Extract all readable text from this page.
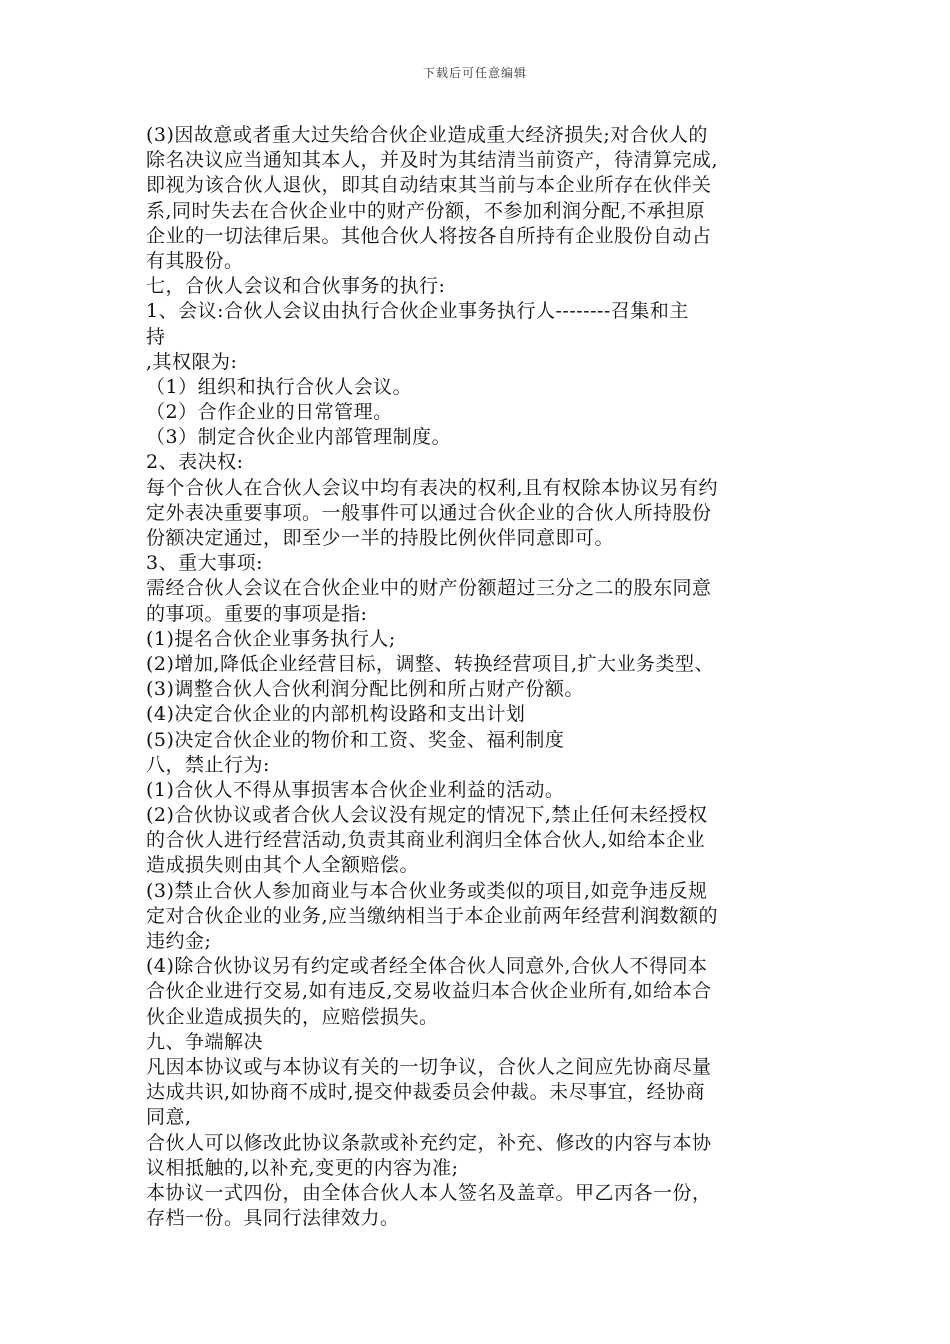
下载后可任意编辑
(3)因故意或者重大过失给合伙企业造成重大经济损失;对合伙人的
除名决议应当通知其本人，并及时为其结清当前资产，待清算完成,
即视为该合伙人退伙，即其自动结束其当前与本企业所存在伙伴关
系,同时失去在合伙企业中的财产份额，不参加利润分配,不承担原
企业的一切法律后果。其他合伙人将按各自所持有企业股份自动占
有其股份。
七，合伙人会议和合伙事务的执行:
1、会议:合伙人会议由执行合伙企业事务执行人--------召集和主
持
,其权限为:
（1）组织和执行合伙人会议。
（2）合作企业的日常管理。
（3）制定合伙企业内部管理制度。
2、表决权:
每个合伙人在合伙人会议中均有表决的权利,且有权除本协议另有约
定外表决重要事项。一般事件可以通过合伙企业的合伙人所持股份
份额决定通过，即至少一半的持股比例伙伴同意即可。
3、重大事项:
需经合伙人会议在合伙企业中的财产份额超过三分之二的股东同意
的事项。重要的事项是指:
(1)提名合伙企业事务执行人;
(2)增加,降低企业经营目标，调整、转换经营项目,扩大业务类型、
(3)调整合伙人合伙利润分配比例和所占财产份额。
(4)决定合伙企业的内部机构设路和支出计划
(5)决定合伙企业的物价和工资、奖金、福利制度
八，禁止行为:
(1)合伙人不得从事损害本合伙企业利益的活动。
(2)合伙协议或者合伙人会议没有规定的情况下,禁止任何未经授权
的合伙人进行经营活动,负责其商业利润归全体合伙人,如给本企业
造成损失则由其个人全额赔偿。
(3)禁止合伙人参加商业与本合伙业务或类似的项目,如竞争违反规
定对合伙企业的业务,应当缴纳相当于本企业前两年经营利润数额的
违约金;
(4)除合伙协议另有约定或者经全体合伙人同意外,合伙人不得同本
合伙企业进行交易,如有违反,交易收益归本合伙企业所有,如给本合
伙企业造成损失的，应赔偿损失。
九、争端解决
凡因本协议或与本协议有关的一切争议，合伙人之间应先协商尽量
达成共识,如协商不成时,提交仲裁委员会仲裁。未尽事宜，经协商
同意,
合伙人可以修改此协议条款或补充约定，补充、修改的内容与本协
议相抵触的,以补充,变更的内容为准;
本协议一式四份，由全体合伙人本人签名及盖章。甲乙丙各一份，
存档一份。具同行法律效力。
